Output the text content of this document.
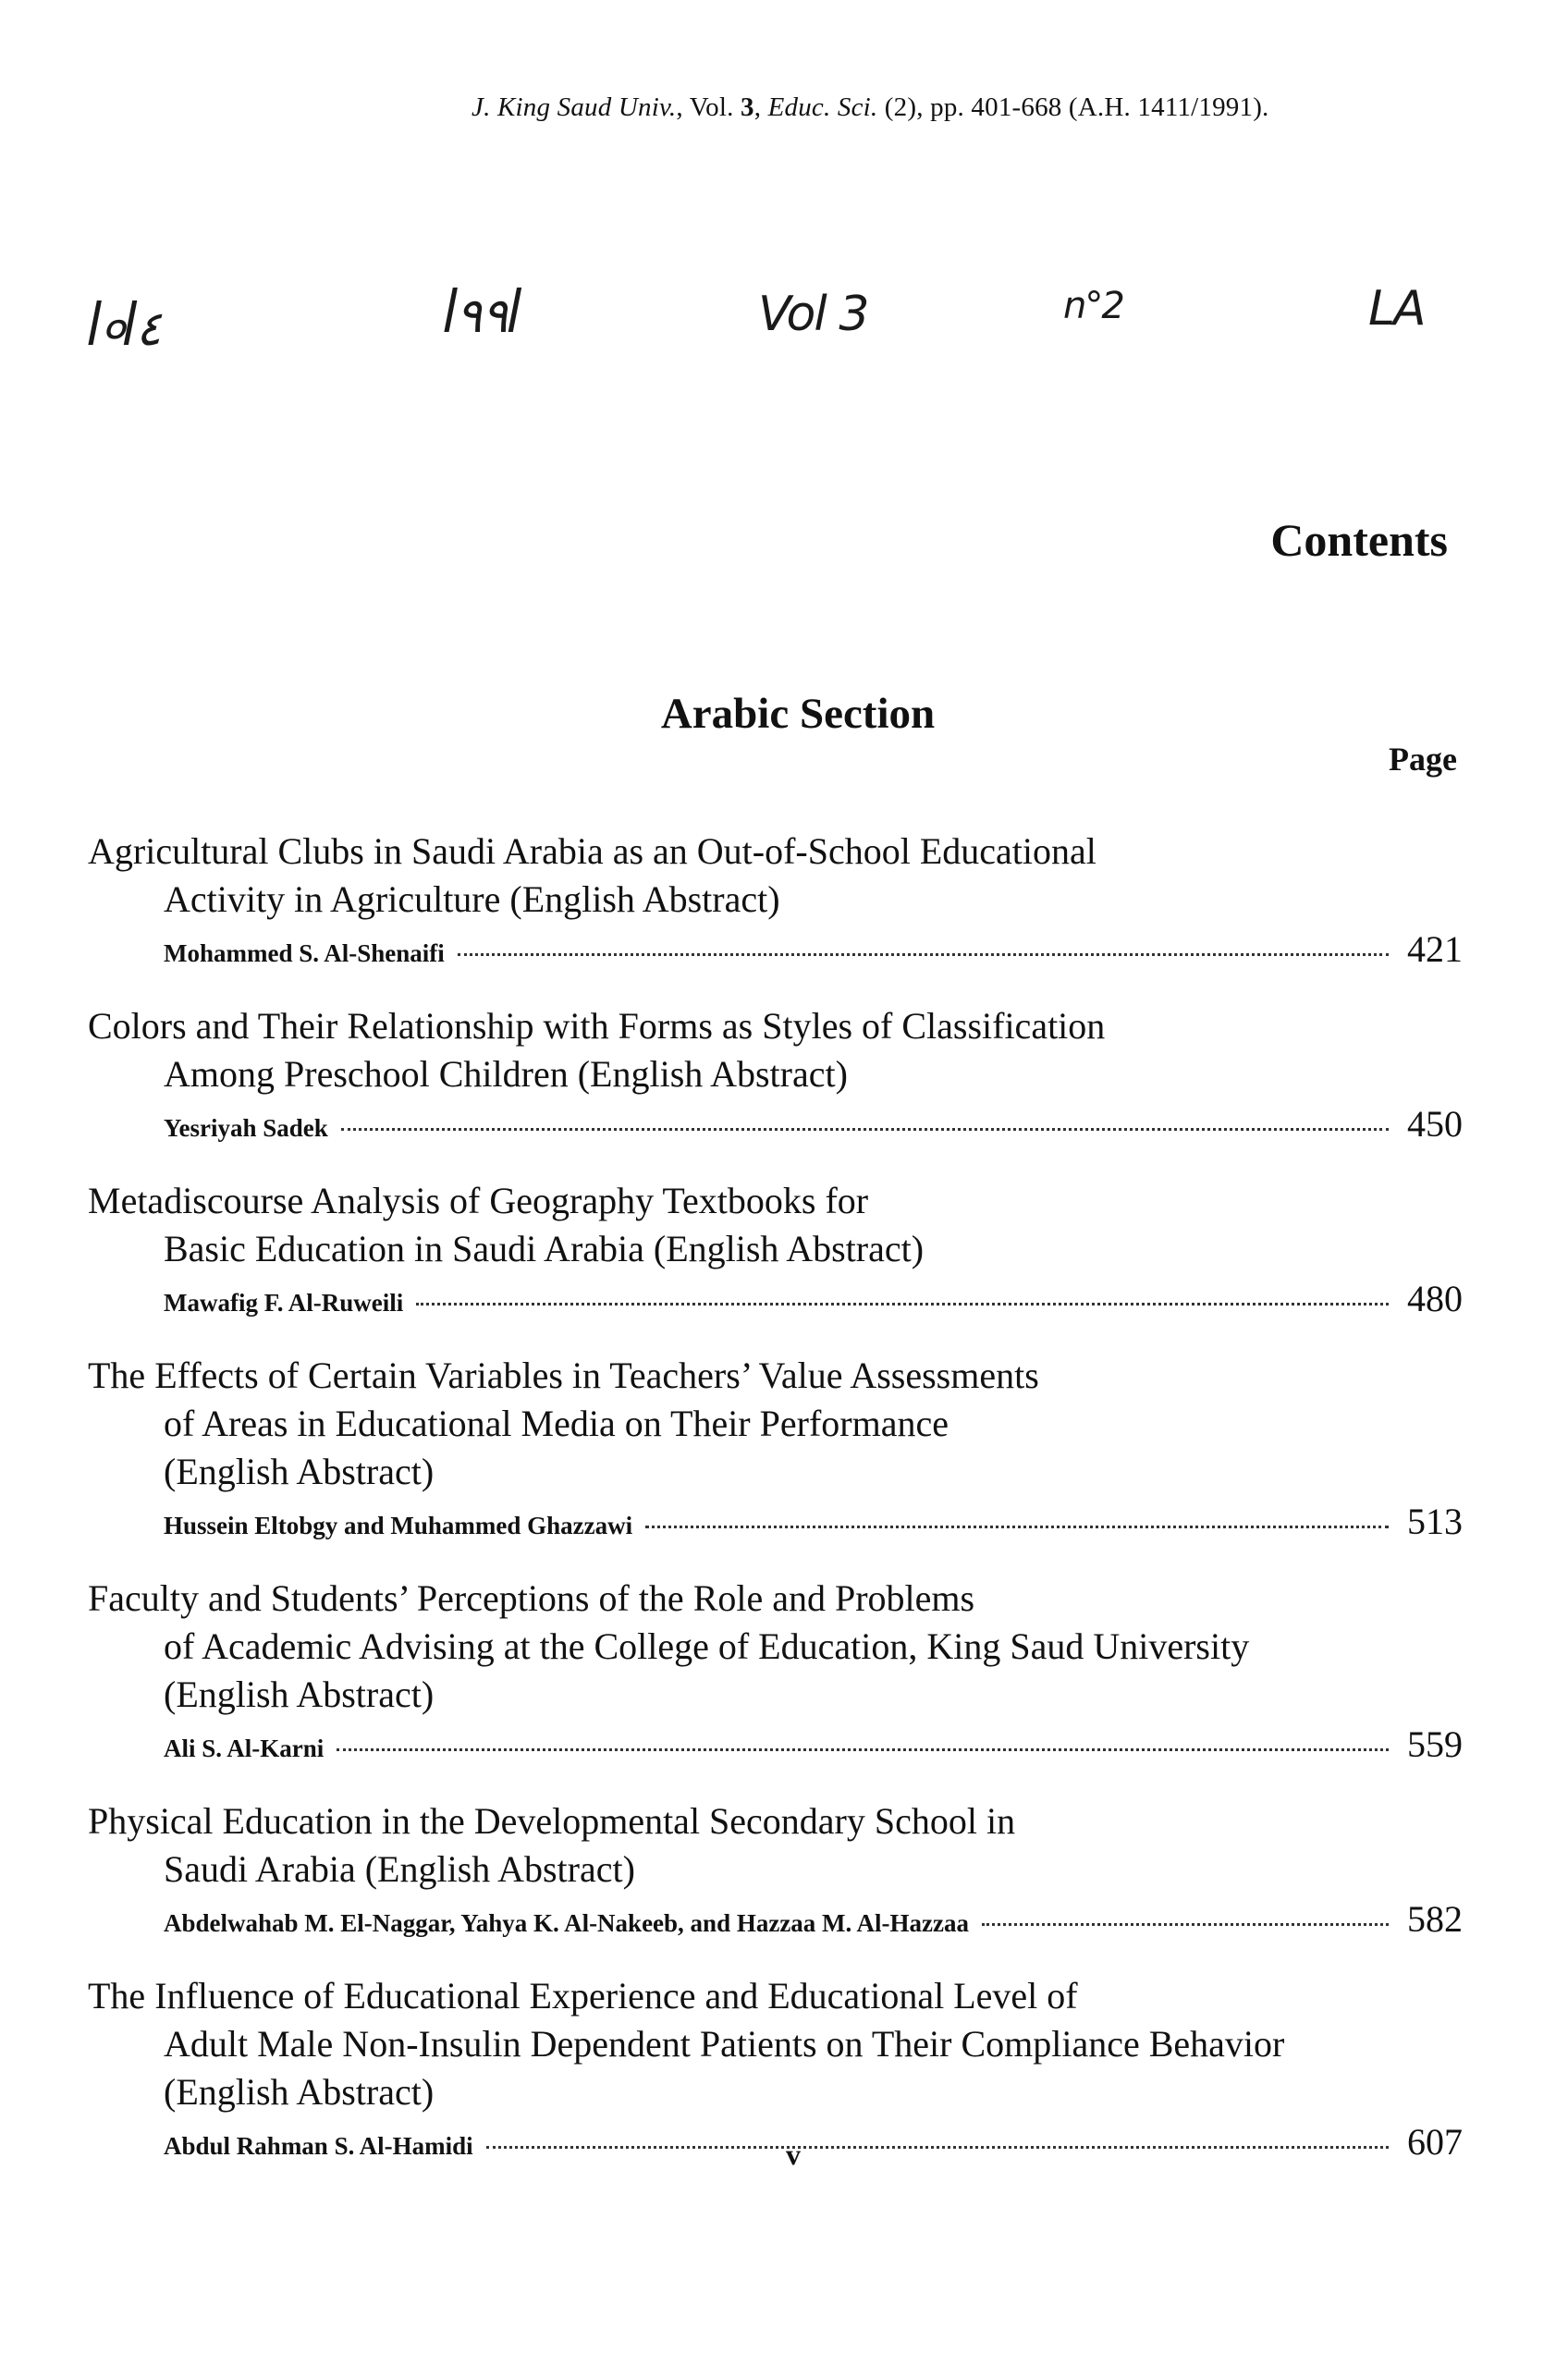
J. King Saud Univ., Vol. 3, Educ. Sci. (2), pp. 401-668 (A.H. 1411/1991).
ꟾ०ꟾ٤	ꟾ٩٩ꟾ	Vol 3	n°2	LA
Contents
Arabic Section
Page
Agricultural Clubs in Saudi Arabia as an Out-of-School Educational
Activity in Agriculture (English Abstract)
Mohammed S. Al-Shenaifi	421
Colors and Their Relationship with Forms as Styles of Classification
Among Preschool Children (English Abstract)
Yesriyah Sadek	450
Metadiscourse Analysis of Geography Textbooks for
Basic Education in Saudi Arabia (English Abstract)
Mawafig F. Al-Ruweili	480
The Effects of Certain Variables in Teachers’ Value Assessments
of Areas in Educational Media on Their Performance
(English Abstract)
Hussein Eltobgy and Muhammed Ghazzawi	513
Faculty and Students’ Perceptions of the Role and Problems
of Academic Advising at the College of Education, King Saud University
(English Abstract)
Ali S. Al-Karni	559
Physical Education in the Developmental Secondary School in
Saudi Arabia (English Abstract)
Abdelwahab M. El-Naggar, Yahya K. Al-Nakeeb, and Hazzaa M. Al-Hazzaa	582
The Influence of Educational Experience and Educational Level of
Adult Male Non-Insulin Dependent Patients on Their Compliance Behavior
(English Abstract)
Abdul Rahman S. Al-Hamidi	607
v
